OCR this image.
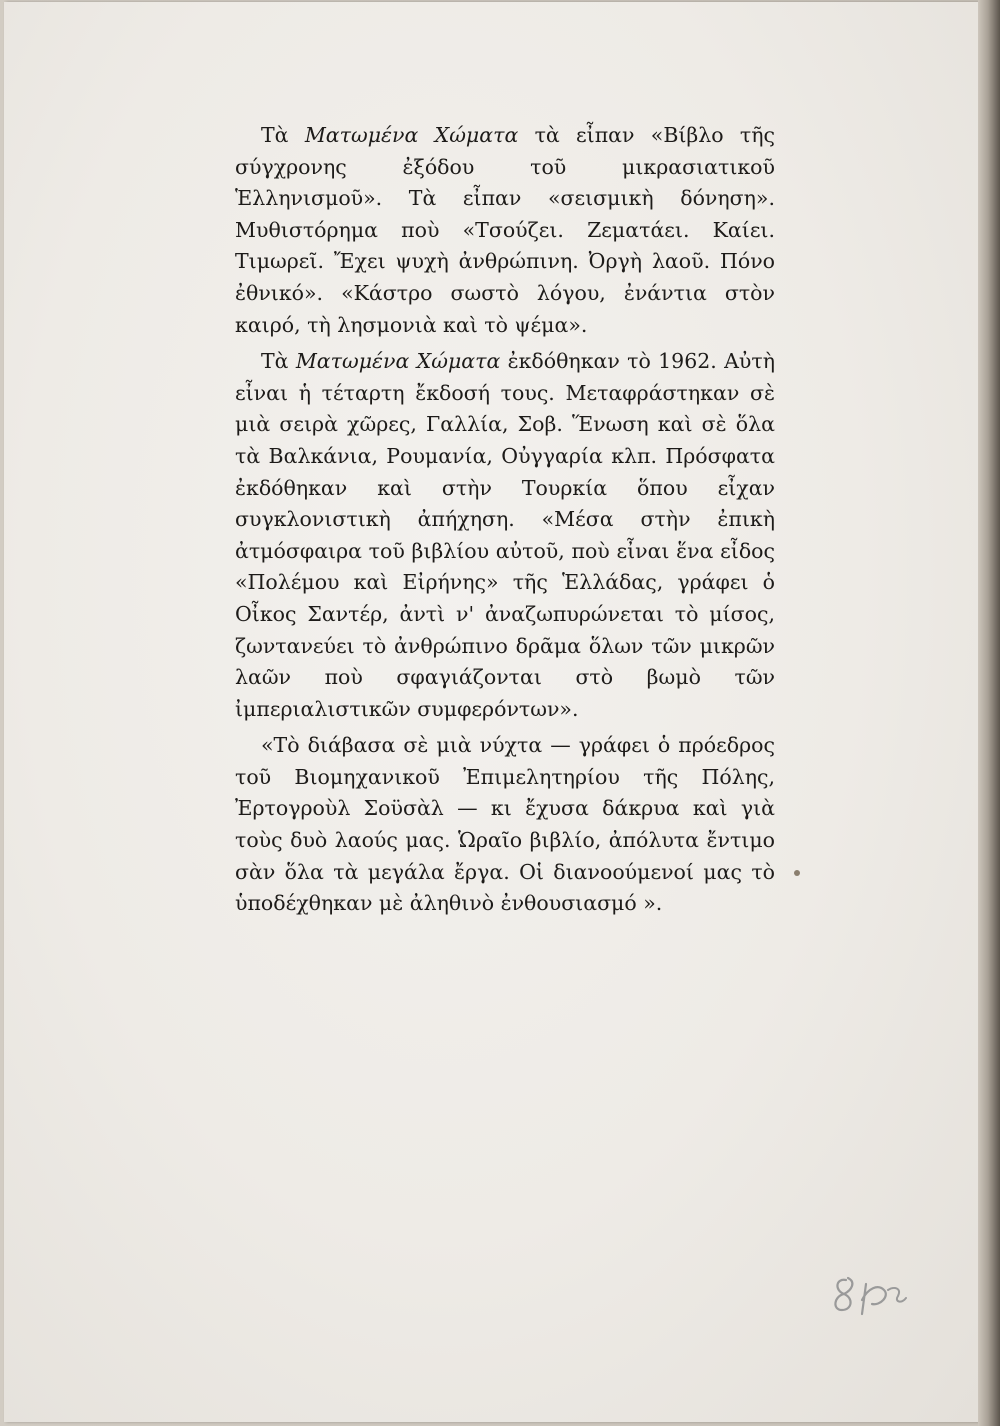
Τὰ Ματωμένα Χώματα τὰ εἶπαν «Βίβλο τῆς σύγχρονης ἐξόδου τοῦ μικρασιατικοῦ Ἑλληνισμοῦ». Τὰ εἶπαν «σεισμικὴ δόνηση». Μυθιστόρημα ποὺ «Τσούζει. Ζεματάει. Καίει. Τιμωρεῖ. Ἔχει ψυχὴ ἀνθρώπινη. Ὀργὴ λαοῦ. Πόνο ἐθνικό». «Κάστρο σωστὸ λόγου, ἐνάντια στὸν καιρό, τὴ λησμονιὰ καὶ τὸ ψέμα».

Τὰ Ματωμένα Χώματα ἐκδόθηκαν τὸ 1962. Αὐτὴ εἶναι ἡ τέταρτη ἔκδοσή τους. Μεταφράστηκαν σὲ μιὰ σειρὰ χῶρες, Γαλλία, Σοβ. Ἕνωση καὶ σὲ ὅλα τὰ Βαλκάνια, Ρουμανία, Οὐγγαρία κλπ. Πρόσφατα ἐκδόθηκαν καὶ στὴν Τουρκία ὅπου εἶχαν συγκλονιστικὴ ἀπήχηση. «Μέσα στὴν ἐπικὴ ἀτμόσφαιρα τοῦ βιβλίου αὐτοῦ, ποὺ εἶναι ἕνα εἶδος «Πολέμου καὶ Εἰρήνης» τῆς Ἑλλάδας, γράφει ὁ Οἶκος Σαντέρ, ἀντὶ ν' ἀναζωπυρώνεται τὸ μίσος, ζωντανεύει τὸ ἀνθρώπινο δρᾶμα ὅλων τῶν μικρῶν λαῶν ποὺ σφαγιάζονται στὸ βωμὸ τῶν ἰμπεριαλιστικῶν συμφερόντων».

«Τὸ διάβασα σὲ μιὰ νύχτα — γράφει ὁ πρόεδρος τοῦ Βιομηχανικοῦ Ἐπιμελητηρίου τῆς Πόλης, Ἐρτογροὺλ Σοϋσὰλ — κι ἔχυσα δάκρυα καὶ γιὰ τοὺς δυὸ λαούς μας. Ὡραῖο βιβλίο, ἀπόλυτα ἔντιμο σὰν ὅλα τὰ μεγάλα ἔργα. Οἱ διανοούμενοί μας τὸ ὑποδέχθηκαν μὲ ἀληθινὸ ἐνθουσιασμό ».
